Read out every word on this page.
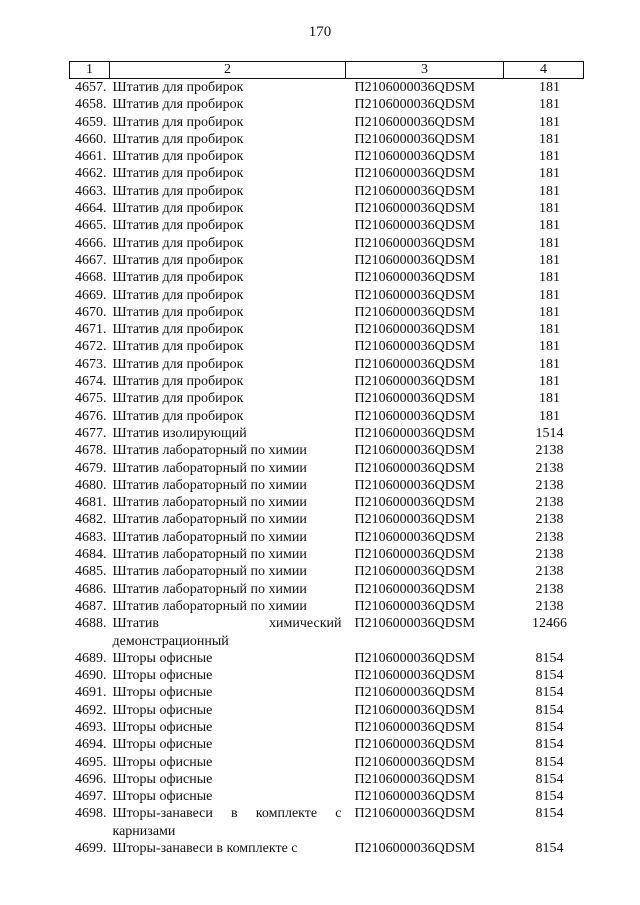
170
1	2	3	4
4657.	Штатив для пробирок	П2106000036QDSM	181
4658.	Штатив для пробирок	П2106000036QDSM	181
4659.	Штатив для пробирок	П2106000036QDSM	181
4660.	Штатив для пробирок	П2106000036QDSM	181
4661.	Штатив для пробирок	П2106000036QDSM	181
4662.	Штатив для пробирок	П2106000036QDSM	181
4663.	Штатив для пробирок	П2106000036QDSM	181
4664.	Штатив для пробирок	П2106000036QDSM	181
4665.	Штатив для пробирок	П2106000036QDSM	181
4666.	Штатив для пробирок	П2106000036QDSM	181
4667.	Штатив для пробирок	П2106000036QDSM	181
4668.	Штатив для пробирок	П2106000036QDSM	181
4669.	Штатив для пробирок	П2106000036QDSM	181
4670.	Штатив для пробирок	П2106000036QDSM	181
4671.	Штатив для пробирок	П2106000036QDSM	181
4672.	Штатив для пробирок	П2106000036QDSM	181
4673.	Штатив для пробирок	П2106000036QDSM	181
4674.	Штатив для пробирок	П2106000036QDSM	181
4675.	Штатив для пробирок	П2106000036QDSM	181
4676.	Штатив для пробирок	П2106000036QDSM	181
4677.	Штатив изолирующий	П2106000036QDSM	1514
4678.	Штатив лабораторный по химии	П2106000036QDSM	2138
4679.	Штатив лабораторный по химии	П2106000036QDSM	2138
4680.	Штатив лабораторный по химии	П2106000036QDSM	2138
4681.	Штатив лабораторный по химии	П2106000036QDSM	2138
4682.	Штатив лабораторный по химии	П2106000036QDSM	2138
4683.	Штатив лабораторный по химии	П2106000036QDSM	2138
4684.	Штатив лабораторный по химии	П2106000036QDSM	2138
4685.	Штатив лабораторный по химии	П2106000036QDSM	2138
4686.	Штатив лабораторный по химии	П2106000036QDSM	2138
4687.	Штатив лабораторный по химии	П2106000036QDSM	2138
4688.	Штатив химический демонстрационный	П2106000036QDSM	12466
4689.	Шторы офисные	П2106000036QDSM	8154
4690.	Шторы офисные	П2106000036QDSM	8154
4691.	Шторы офисные	П2106000036QDSM	8154
4692.	Шторы офисные	П2106000036QDSM	8154
4693.	Шторы офисные	П2106000036QDSM	8154
4694.	Шторы офисные	П2106000036QDSM	8154
4695.	Шторы офисные	П2106000036QDSM	8154
4696.	Шторы офисные	П2106000036QDSM	8154
4697.	Шторы офисные	П2106000036QDSM	8154
4698.	Шторы-занавеси в комплекте с карнизами	П2106000036QDSM	8154
4699.	Шторы-занавеси в комплекте с	П2106000036QDSM	8154
